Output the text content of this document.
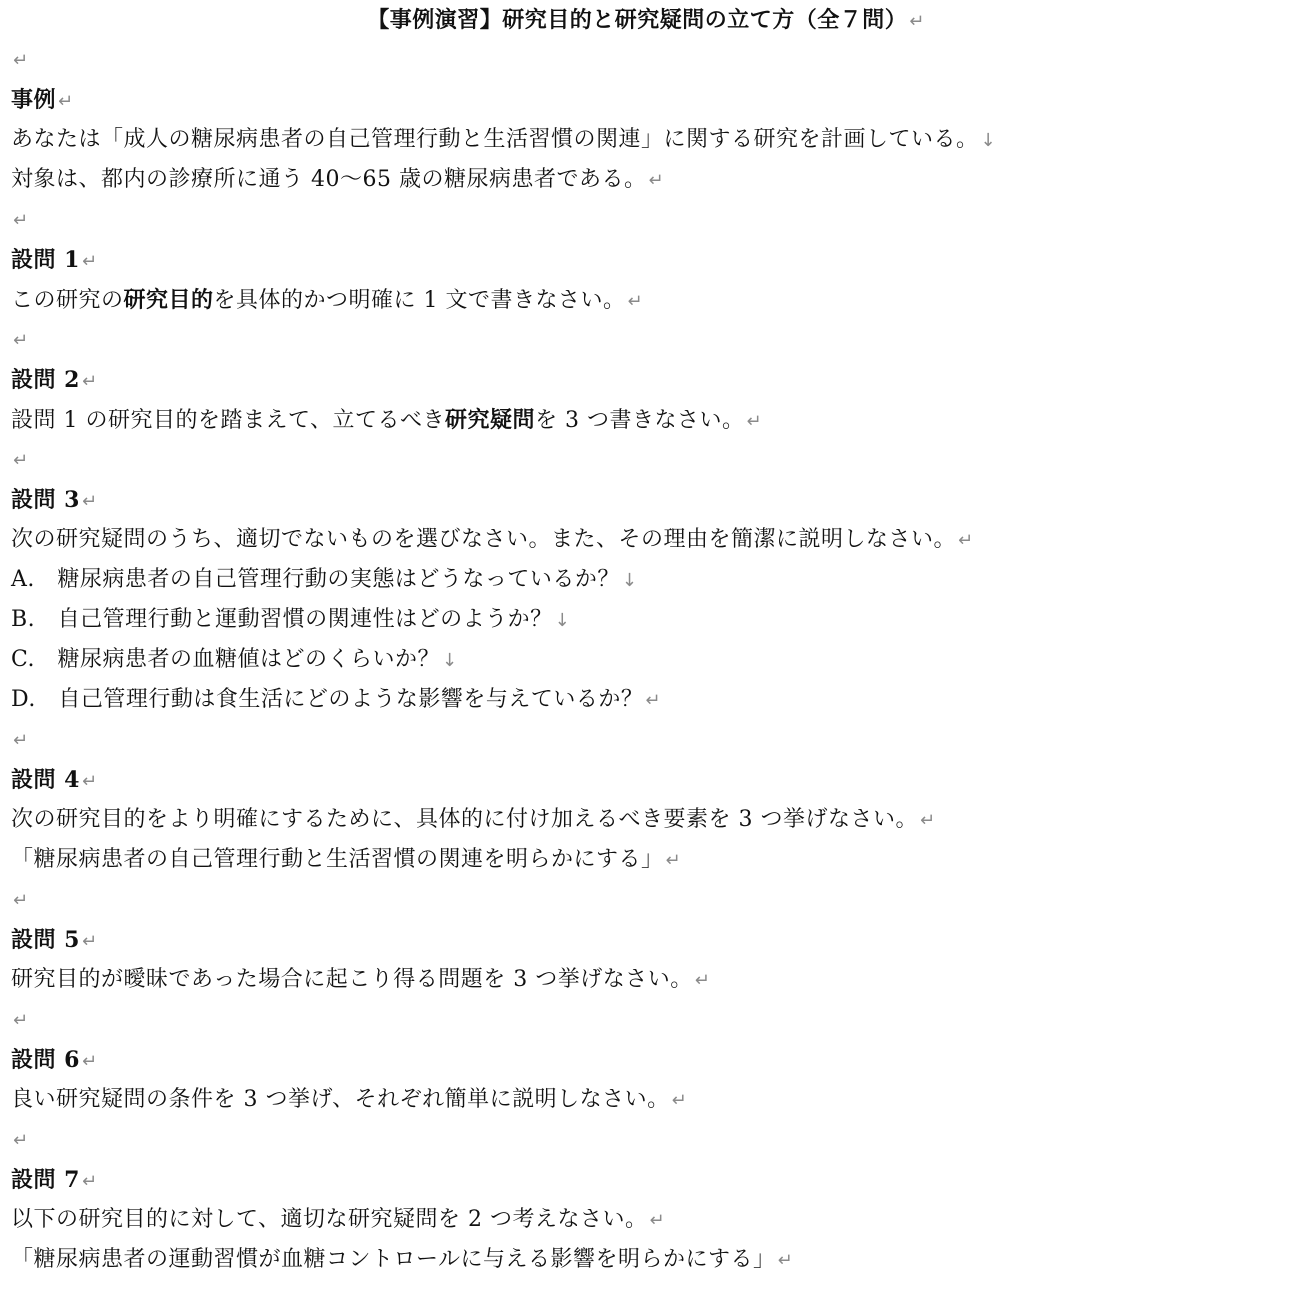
【事例演習】研究目的と研究疑問の立て方（全７問） ↵
↵
事例 ↵
あなたは「成人の糖尿病患者の自己管理行動と生活習慣の関連」に関する研究を計画している。 ↓
対象は、都内の診療所に通う 40～65 歳の糖尿病患者である。 ↵
↵
設問 1 ↵
この研究の研究目的を具体的かつ明確に 1 文で書きなさい。 ↵
↵
設問 2 ↵
設問 1 の研究目的を踏まえて、立てるべき研究疑問を 3 つ書きなさい。 ↵
↵
設問 3 ↵
次の研究疑問のうち、適切でないものを選びなさい。また、その理由を簡潔に説明しなさい。 ↵
A.　糖尿病患者の自己管理行動の実態はどうなっているか？ ↓
B.　自己管理行動と運動習慣の関連性はどのようか？ ↓
C.　糖尿病患者の血糖値はどのくらいか？ ↓
D.　自己管理行動は食生活にどのような影響を与えているか？ ↵
↵
設問 4 ↵
次の研究目的をより明確にするために、具体的に付け加えるべき要素を 3 つ挙げなさい。 ↵
「糖尿病患者の自己管理行動と生活習慣の関連を明らかにする」 ↵
↵
設問 5 ↵
研究目的が曖昧であった場合に起こり得る問題を 3 つ挙げなさい。 ↵
↵
設問 6 ↵
良い研究疑問の条件を 3 つ挙げ、それぞれ簡単に説明しなさい。 ↵
↵
設問 7 ↵
以下の研究目的に対して、適切な研究疑問を 2 つ考えなさい。 ↵
「糖尿病患者の運動習慣が血糖コントロールに与える影響を明らかにする」 ↵
